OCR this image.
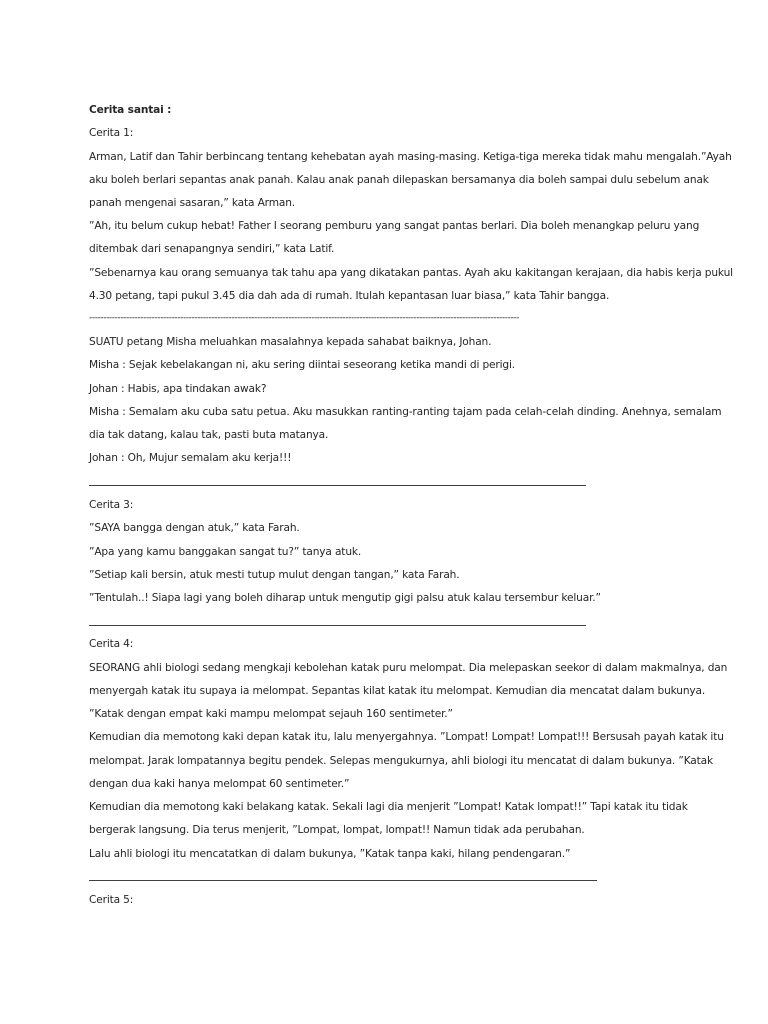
Cerita santai :
Cerita 1:
Arman, Latif dan Tahir berbincang tentang kehebatan ayah masing-masing. Ketiga-tiga mereka tidak mahu mengalah.”Ayah
aku boleh berlari sepantas anak panah. Kalau anak panah dilepaskan bersamanya dia boleh sampai dulu sebelum anak
panah mengenai sasaran,” kata Arman.
”Ah, itu belum cukup hebat! Father I seorang pemburu yang sangat pantas berlari. Dia boleh menangkap peluru yang
ditembak dari senapangnya sendiri,” kata Latif.
”Sebenarnya kau orang semuanya tak tahu apa yang dikatakan pantas. Ayah aku kakitangan kerajaan, dia habis kerja pukul
4.30 petang, tapi pukul 3.45 dia dah ada di rumah. Itulah kepantasan luar biasa,” kata Tahir bangga.
-------------------------------------------------------------------------------------------------------------------------------------------------------
SUATU petang Misha meluahkan masalahnya kepada sahabat baiknya, Johan.
Misha : Sejak kebelakangan ni, aku sering diintai seseorang ketika mandi di perigi.
Johan : Habis, apa tindakan awak?
Misha : Semalam aku cuba satu petua. Aku masukkan ranting-ranting tajam pada celah-celah dinding. Anehnya, semalam
dia tak datang, kalau tak, pasti buta matanya.
Johan : Oh, Mujur semalam aku kerja!!!
Cerita 3:
”SAYA bangga dengan atuk,” kata Farah.
”Apa yang kamu banggakan sangat tu?” tanya atuk.
”Setiap kali bersin, atuk mesti tutup mulut dengan tangan,” kata Farah.
”Tentulah..! Siapa lagi yang boleh diharap untuk mengutip gigi palsu atuk kalau tersembur keluar.”
Cerita 4:
SEORANG ahli biologi sedang mengkaji kebolehan katak puru melompat. Dia melepaskan seekor di dalam makmalnya, dan
menyergah katak itu supaya ia melompat. Sepantas kilat katak itu melompat. Kemudian dia mencatat dalam bukunya.
”Katak dengan empat kaki mampu melompat sejauh 160 sentimeter.”
Kemudian dia memotong kaki depan katak itu, lalu menyergahnya. ”Lompat! Lompat! Lompat!!! Bersusah payah katak itu
melompat. Jarak lompatannya begitu pendek. Selepas mengukurnya, ahli biologi itu mencatat di dalam bukunya. ”Katak
dengan dua kaki hanya melompat 60 sentimeter.”
Kemudian dia memotong kaki belakang katak. Sekali lagi dia menjerit ”Lompat! Katak lompat!!” Tapi katak itu tidak
bergerak langsung. Dia terus menjerit, ”Lompat, lompat, lompat!! Namun tidak ada perubahan.
Lalu ahli biologi itu mencatatkan di dalam bukunya, ”Katak tanpa kaki, hilang pendengaran.”
Cerita 5:
